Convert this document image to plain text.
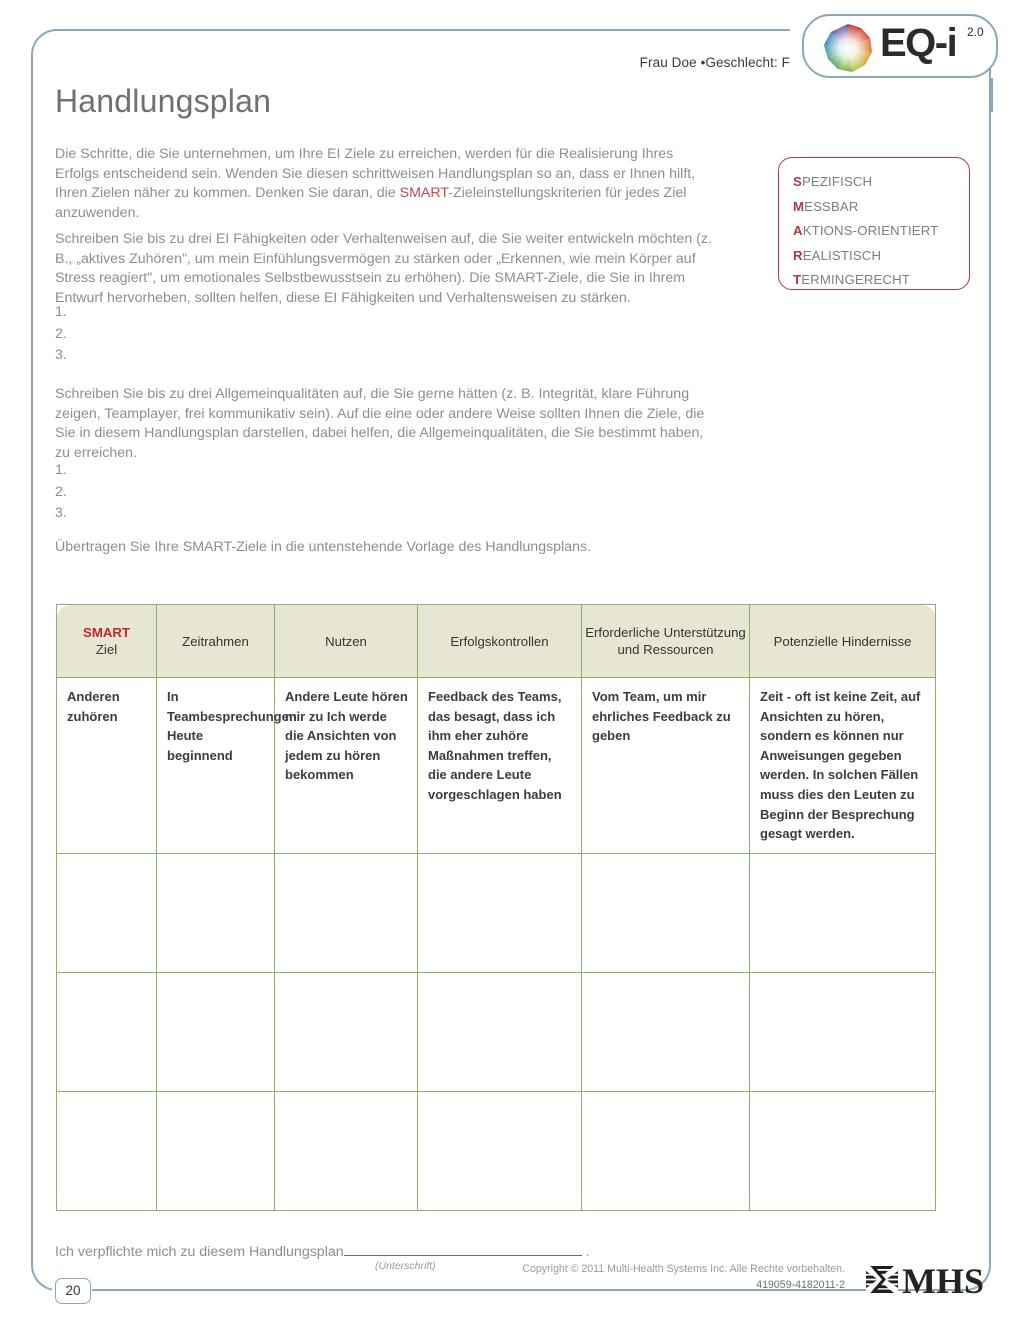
Frau Doe •Geschlecht: F EQ-i 2.0
Handlungsplan
Die Schritte, die Sie unternehmen, um Ihre EI Ziele zu erreichen, werden für die Realisierung Ihres Erfolgs entscheidend sein. Wenden Sie diesen schrittweisen Handlungsplan so an, dass er Ihnen hilft, Ihren Zielen näher zu kommen. Denken Sie daran, die SMART-Zieleinstellungskriterien für jedes Ziel anzuwenden.
Schreiben Sie bis zu drei EI Fähigkeiten oder Verhaltenweisen auf, die Sie weiter entwickeln möchten (z. B., „aktives Zuhören", um mein Einfühlungsvermögen zu stärken oder „Erkennen, wie mein Körper auf Stress reagiert", um emotionales Selbstbewusstsein zu erhöhen). Die SMART-Ziele, die Sie in Ihrem Entwurf hervorheben, sollten helfen, diese EI Fähigkeiten und Verhaltensweisen zu stärken.
1.
2.
3.
Schreiben Sie bis zu drei Allgemeinqualitäten auf, die Sie gerne hätten (z. B. Integrität, klare Führung zeigen, Teamplayer, frei kommunikativ sein). Auf die eine oder andere Weise sollten Ihnen die Ziele, die Sie in diesem Handlungsplan darstellen, dabei helfen, die Allgemeinqualitäten, die Sie bestimmt haben, zu erreichen.
1.
2.
3.
Übertragen Sie Ihre SMART-Ziele in die untenstehende Vorlage des Handlungsplans.
SPEZIFISCH
MESSBAR
AKTIONS-ORIENTIERT
REALISTISCH
TERMINGERECHT
SMART
Ziel	Zeitrahmen	Nutzen	Erfolgskontrollen	Erforderliche Unterstützung und Ressourcen	Potenzielle Hindernisse
Anderen zuhören	In Teambesprechungen Heute beginnend	Andere Leute hören mir zu Ich werde die Ansichten von jedem zu hören bekommen	Feedback des Teams, das besagt, dass ich ihm eher zuhöre Maßnahmen treffen, die andere Leute vorgeschlagen haben	Vom Team, um mir ehrliches Feedback zu geben	Zeit - oft ist keine Zeit, auf Ansichten zu hören, sondern es können nur Anweisungen gegeben werden. In solchen Fällen muss dies den Leuten zu Beginn der Besprechung gesagt werden.

Ich verpflichte mich zu diesem Handlungsplan	.
(Unterschrift)	Copyright © 2011 Multi-Health Systems Inc. Alle Rechte vorbehalten.
419059-4182011-2 MHS
20
